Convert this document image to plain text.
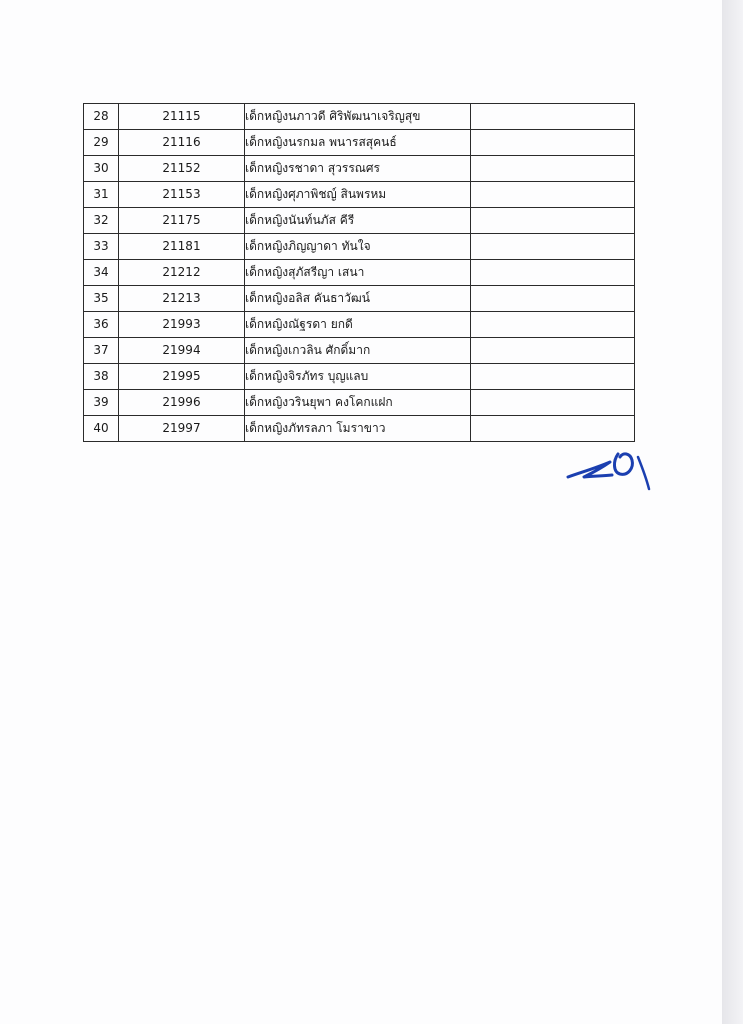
28	21115	เด็กหญิงนภาวดี ศิริพัฒนาเจริญสุข	
29	21116	เด็กหญิงนรกมล พนารสสุคนธ์	
30	21152	เด็กหญิงรชาดา สุวรรณศร	
31	21153	เด็กหญิงศุภาพิชญ์ สินพรหม	
32	21175	เด็กหญิงนันท์นภัส คีรี	
33	21181	เด็กหญิงภิญญาดา ทันใจ	
34	21212	เด็กหญิงสุภัสรีญา เสนา	
35	21213	เด็กหญิงอลิส คันธาวัฒน์	
36	21993	เด็กหญิงณัฐรดา ยกดี	
37	21994	เด็กหญิงเกวลิน ศักดิ์มาก	
38	21995	เด็กหญิงจิรภัทร บุญแลบ	
39	21996	เด็กหญิงวรินยุพา คงโคกแฝก	
40	21997	เด็กหญิงภัทรลภา โมราขาว	
